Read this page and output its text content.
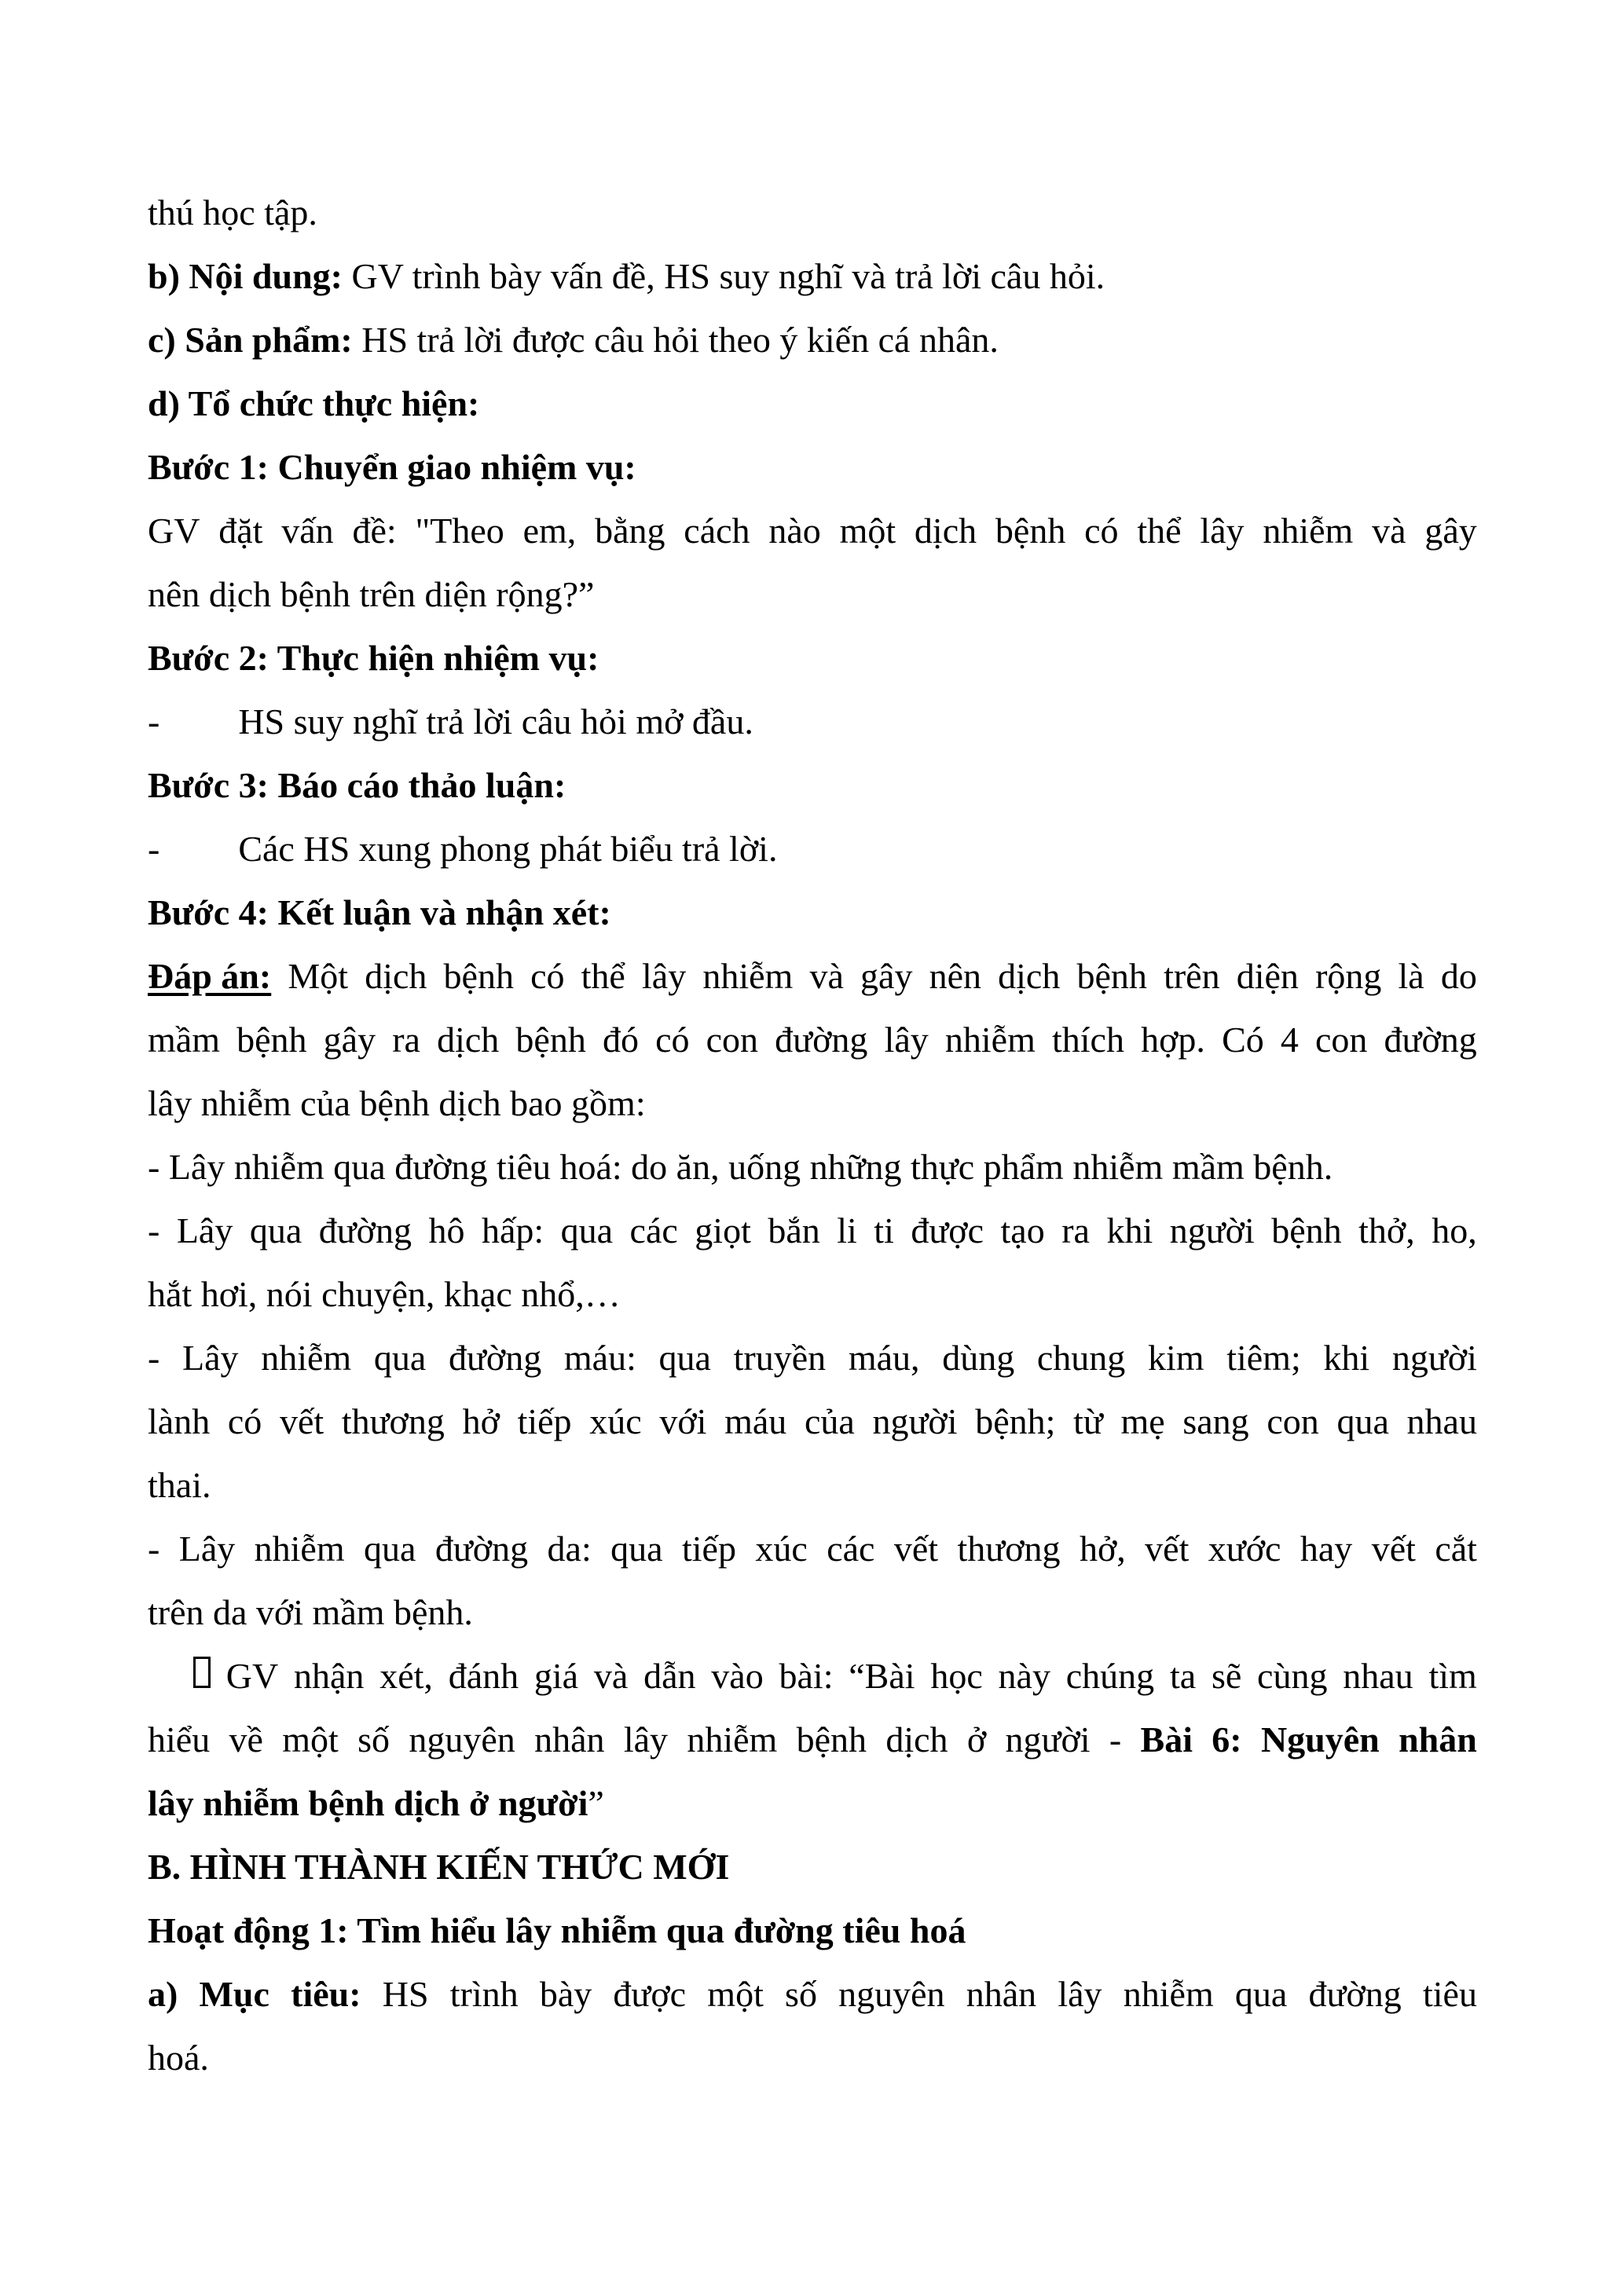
thú học tập.
b) Nội dung: GV trình bày vấn đề, HS suy nghĩ và trả lời câu hỏi.
c) Sản phẩm: HS trả lời được câu hỏi theo ý kiến cá nhân.
d) Tổ chức thực hiện:
Bước 1: Chuyển giao nhiệm vụ:
GV đặt vấn đề: "Theo em, bằng cách nào một dịch bệnh có thể lây nhiễm và gây
nên dịch bệnh trên diện rộng?”
Bước 2: Thực hiện nhiệm vụ:
- HS suy nghĩ trả lời câu hỏi mở đầu.
Bước 3: Báo cáo thảo luận:
- Các HS xung phong phát biểu trả lời.
Bước 4: Kết luận và nhận xét:
Đáp án: Một dịch bệnh có thể lây nhiễm và gây nên dịch bệnh trên diện rộng là do
mầm bệnh gây ra dịch bệnh đó có con đường lây nhiễm thích hợp. Có 4 con đường
lây nhiễm của bệnh dịch bao gồm:
- Lây nhiễm qua đường tiêu hoá: do ăn, uống những thực phẩm nhiễm mầm bệnh.
- Lây qua đường hô hấp: qua các giọt bắn li ti được tạo ra khi người bệnh thở, ho,
hắt hơi, nói chuyện, khạc nhổ,…
- Lây nhiễm qua đường máu: qua truyền máu, dùng chung kim tiêm; khi người
lành có vết thương hở tiếp xúc với máu của người bệnh; từ mẹ sang con qua nhau
thai.
- Lây nhiễm qua đường da: qua tiếp xúc các vết thương hở, vết xước hay vết cắt
trên da với mầm bệnh.
GV nhận xét, đánh giá và dẫn vào bài: “Bài học này chúng ta sẽ cùng nhau tìm
hiểu về một số nguyên nhân lây nhiễm bệnh dịch ở người - Bài 6: Nguyên nhân
lây nhiễm bệnh dịch ở người”
B. HÌNH THÀNH KIẾN THỨC MỚI
Hoạt động 1: Tìm hiểu lây nhiễm qua đường tiêu hoá
a) Mục tiêu: HS trình bày được một số nguyên nhân lây nhiễm qua đường tiêu
hoá.
